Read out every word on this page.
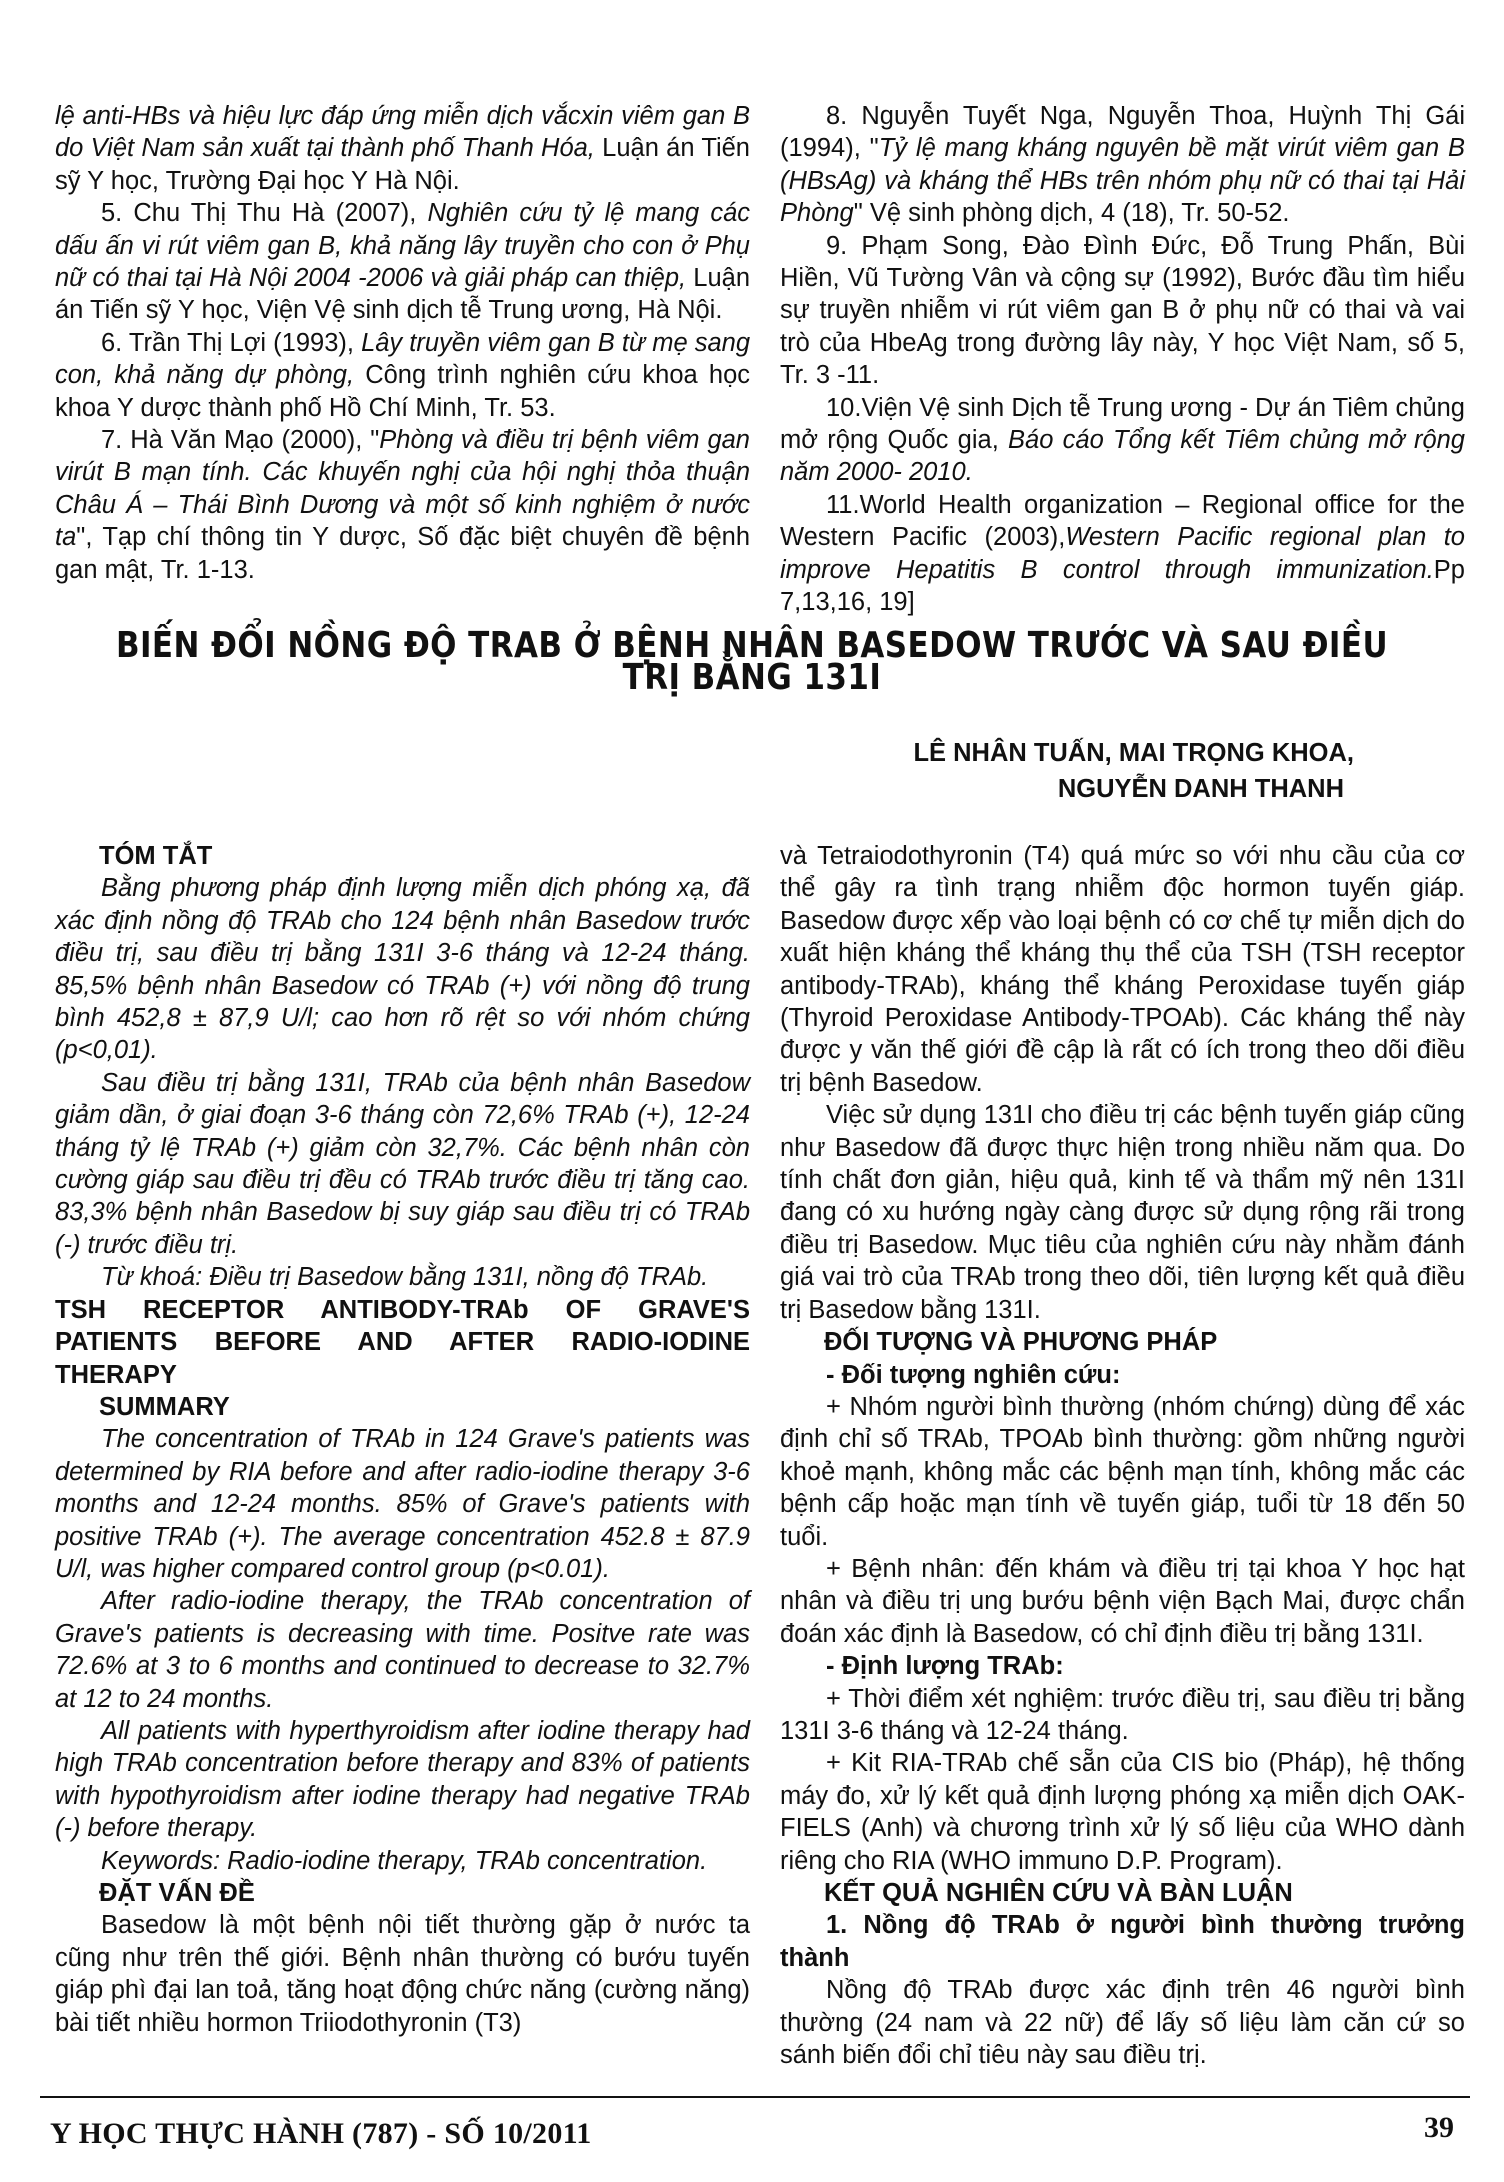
lệ anti-HBs và hiệu lực đáp ứng miễn dịch vắcxin viêm gan B do Việt Nam sản xuất tại thành phố Thanh Hóa, Luận án Tiến sỹ Y học, Trường Đại học Y Hà Nội.

5. Chu Thị Thu Hà (2007), Nghiên cứu tỷ lệ mang các dấu ấn vi rút viêm gan B, khả năng lây truyền cho con ở Phụ nữ có thai tại Hà Nội 2004 -2006 và giải pháp can thiệp, Luận án Tiến sỹ Y học, Viện Vệ sinh dịch tễ Trung ương, Hà Nội.

6. Trần Thị Lợi (1993), Lây truyền viêm gan B từ mẹ sang con, khả năng dự phòng, Công trình nghiên cứu khoa học khoa Y dược thành phố Hồ Chí Minh, Tr. 53.

7. Hà Văn Mạo (2000), "Phòng và điều trị bệnh viêm gan virút B mạn tính. Các khuyến nghị của hội nghị thỏa thuận Châu Á – Thái Bình Dương và một số kinh nghiệm ở nước ta", Tạp chí thông tin Y dược, Số đặc biệt chuyên đề bệnh gan mật, Tr. 1-13.

8. Nguyễn Tuyết Nga, Nguyễn Thoa, Huỳnh Thị Gái (1994), "Tỷ lệ mang kháng nguyên bề mặt virút viêm gan B (HBsAg) và kháng thể HBs trên nhóm phụ nữ có thai tại Hải Phòng" Vệ sinh phòng dịch, 4 (18), Tr. 50-52.

9. Phạm Song, Đào Đình Đức, Đỗ Trung Phấn, Bùi Hiền, Vũ Tường Vân và cộng sự (1992), Bước đầu tìm hiểu sự truyền nhiễm vi rút viêm gan B ở phụ nữ có thai và vai trò của HbeAg trong đường lây này, Y học Việt Nam, số 5, Tr. 3 -11.

10.Viện Vệ sinh Dịch tễ Trung ương - Dự án Tiêm chủng mở rộng Quốc gia, Báo cáo Tổng kết Tiêm chủng mở rộng năm 2000- 2010.

11.World Health organization – Regional office for the Western Pacific (2003),Western Pacific regional plan to improve Hepatitis B control through immunization.Pp 7,13,16, 19]

BIẾN ĐỔI NỒNG ĐỘ TRAB Ở BỆNH NHÂN BASEDOW TRƯỚC VÀ SAU ĐIỀU TRỊ BẰNG 131I
LÊ NHÂN TUẤN, MAI TRỌNG KHOA,
NGUYỄN DANH THANH

TÓM TẮT

Bằng phương pháp định lượng miễn dịch phóng xạ, đã xác định nồng độ TRAb cho 124 bệnh nhân Basedow trước điều trị, sau điều trị bằng 131I 3-6 tháng và 12-24 tháng. 85,5% bệnh nhân Basedow có TRAb (+) với nồng độ trung bình 452,8 ± 87,9 U/l; cao hơn rõ rệt so với nhóm chứng (p<0,01).

Sau điều trị bằng 131I, TRAb của bệnh nhân Basedow giảm dần, ở giai đoạn 3-6 tháng còn 72,6% TRAb (+), 12-24 tháng tỷ lệ TRAb (+) giảm còn 32,7%. Các bệnh nhân còn cường giáp sau điều trị đều có TRAb trước điều trị tăng cao. 83,3% bệnh nhân Basedow bị suy giáp sau điều trị có TRAb (-) trước điều trị.

Từ khoá: Điều trị Basedow bằng 131I, nồng độ TRAb.

TSH RECEPTOR ANTIBODY-TRAb OF GRAVE'S PATIENTS BEFORE AND AFTER RADIO-IODINE THERAPY

SUMMARY

The concentration of TRAb in 124 Grave's patients was determined by RIA before and after radio-iodine therapy 3-6 months and 12-24 months. 85% of Grave's patients with positive TRAb (+). The average concentration 452.8 ± 87.9 U/l, was higher compared control group (p<0.01).

After radio-iodine therapy, the TRAb concentration of Grave's patients is decreasing with time. Positve rate was 72.6% at 3 to 6 months and continued to decrease to 32.7% at 12 to 24 months.

All patients with hyperthyroidism after iodine therapy had high TRAb concentration before therapy and 83% of patients with hypothyroidism after iodine therapy had negative TRAb (-) before therapy.

Keywords: Radio-iodine therapy, TRAb concentration.

ĐẶT VẤN ĐỀ

Basedow là một bệnh nội tiết thường gặp ở nước ta cũng như trên thế giới. Bệnh nhân thường có bướu tuyến giáp phì đại lan toả, tăng hoạt động chức năng (cường năng) bài tiết nhiều hormon Triiodothyronin (T3)

và Tetraiodothyronin (T4) quá mức so với nhu cầu của cơ thể gây ra tình trạng nhiễm độc hormon tuyến giáp. Basedow được xếp vào loại bệnh có cơ chế tự miễn dịch do xuất hiện kháng thể kháng thụ thể của TSH (TSH receptor antibody-TRAb), kháng thể kháng Peroxidase tuyến giáp (Thyroid Peroxidase Antibody-TPOAb). Các kháng thể này được y văn thế giới đề cập là rất có ích trong theo dõi điều trị bệnh Basedow.

Việc sử dụng 131I cho điều trị các bệnh tuyến giáp cũng như Basedow đã được thực hiện trong nhiều năm qua. Do tính chất đơn giản, hiệu quả, kinh tế và thẩm mỹ nên 131I đang có xu hướng ngày càng được sử dụng rộng rãi trong điều trị Basedow. Mục tiêu của nghiên cứu này nhằm đánh giá vai trò của TRAb trong theo dõi, tiên lượng kết quả điều trị Basedow bằng 131I.

ĐỐI TƯỢNG VÀ PHƯƠNG PHÁP

- Đối tượng nghiên cứu:

+ Nhóm người bình thường (nhóm chứng) dùng để xác định chỉ số TRAb, TPOAb bình thường: gồm những người khoẻ mạnh, không mắc các bệnh mạn tính, không mắc các bệnh cấp hoặc mạn tính về tuyến giáp, tuổi từ 18 đến 50 tuổi.

+ Bệnh nhân: đến khám và điều trị tại khoa Y học hạt nhân và điều trị ung bướu bệnh viện Bạch Mai, được chẩn đoán xác định là Basedow, có chỉ định điều trị bằng 131I.

- Định lượng TRAb:

+ Thời điểm xét nghiệm: trước điều trị, sau điều trị bằng 131I 3-6 tháng và 12-24 tháng.

+ Kit RIA-TRAb chế sẵn của CIS bio (Pháp), hệ thống máy đo, xử lý kết quả định lượng phóng xạ miễn dịch OAK-FIELS (Anh) và chương trình xử lý số liệu của WHO dành riêng cho RIA (WHO immuno D.P. Program).

KẾT QUẢ NGHIÊN CỨU VÀ BÀN LUẬN

1. Nồng độ TRAb ở người bình thường trưởng thành

Nồng độ TRAb được xác định trên 46 người bình thường (24 nam và 22 nữ) để lấy số liệu làm căn cứ so sánh biến đổi chỉ tiêu này sau điều trị.

Y HỌC THỰC HÀNH (787) - SỐ 10/2011	39
